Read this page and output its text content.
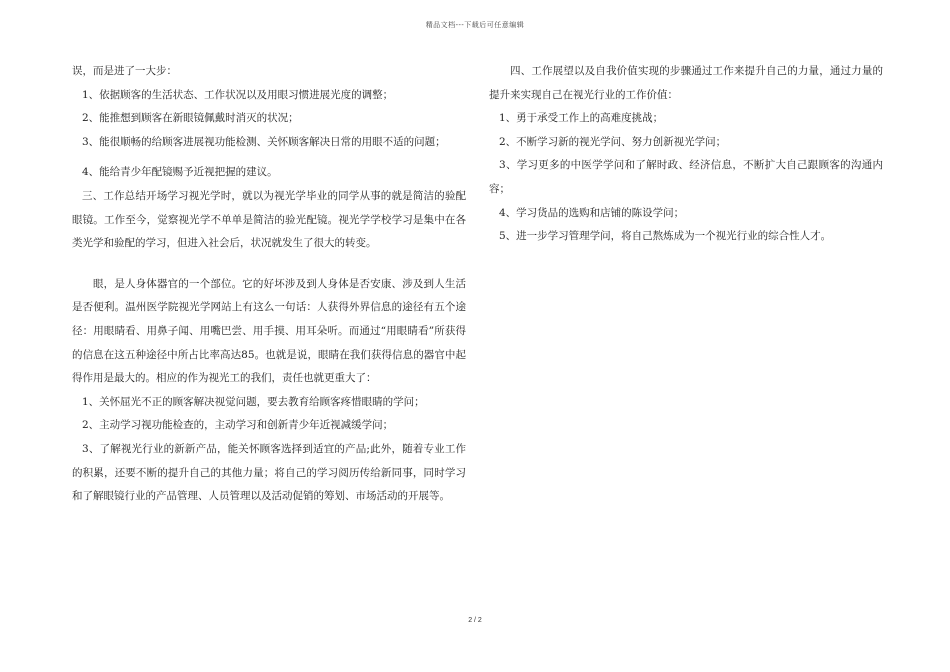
精品文档---下载后可任意编辑

误，而是进了一大步：

1、依据顾客的生活状态、工作状况以及用眼习惯进展光度的调整；

2、能推想到顾客在新眼镜佩戴时消灭的状况；

3、能很顺畅的给顾客进展视功能检测、关怀顾客解决日常的用眼不适的问题；

4、能给青少年配镜赐予近视把握的建议。

三、工作总结开场学习视光学时，就以为视光学毕业的同学从事的就是简洁的验配眼镜。工作至今，觉察视光学不单单是简洁的验光配镜。视光学学校学习是集中在各类光学和验配的学习，但进入社会后，状况就发生了很大的转变。

眼，是人身体器官的一个部位。它的好坏涉及到人身体是否安康、涉及到人生活是否便利。温州医学院视光学网站上有这么一句话：人获得外界信息的途径有五个途径：用眼睛看、用鼻子闻、用嘴巴尝、用手摸、用耳朵听。而通过“用眼睛看”所获得的信息在这五种途径中所占比率高达85。也就是说，眼睛在我们获得信息的器官中起得作用是最大的。相应的作为视光工的我们，责任也就更重大了：

1、关怀屈光不正的顾客解决视觉问题，要去教育给顾客疼惜眼睛的学问；

2、主动学习视功能检查的，主动学习和创新青少年近视减缓学问；

3、了解视光行业的新新产品，能关怀顾客选择到适宜的产品;此外，随着专业工作的积累，还要不断的提升自己的其他力量；将自己的学习阅历传给新同事，同时学习和了解眼镜行业的产品管理、人员管理以及活动促销的筹划、市场活动的开展等。

四、工作展望以及自我价值实现的步骤通过工作来提升自己的力量，通过力量的提升来实现自己在视光行业的工作价值：

1、勇于承受工作上的高难度挑战；

2、不断学习新的视光学问、努力创新视光学问；

3、学习更多的中医学学问和了解时政、经济信息，不断扩大自己跟顾客的沟通内容；

4、学习货品的选购和店铺的陈设学问；

5、进一步学习管理学问，将自己熬炼成为一个视光行业的综合性人才。

2 / 2
